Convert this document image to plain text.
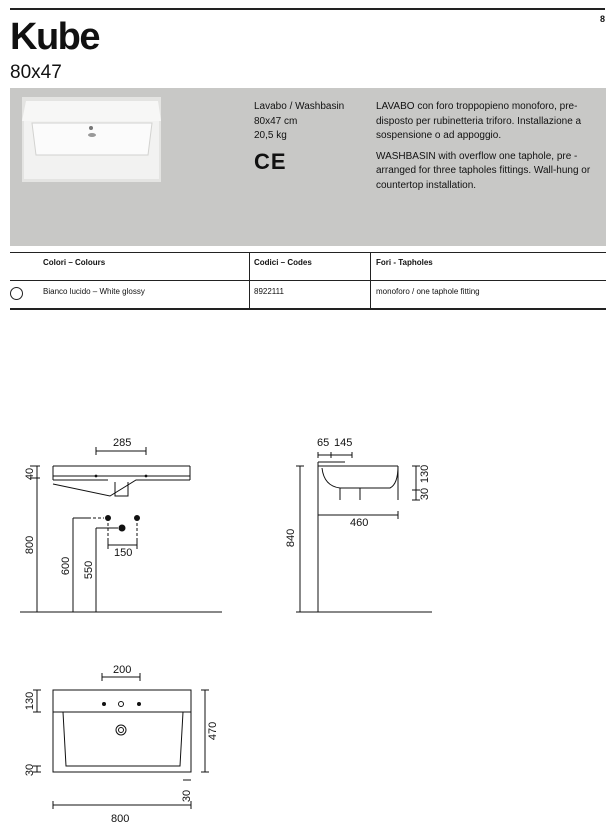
8
Kube
80x47
Lavabo / Washbasin
80x47 cm
20,5 kg
CE

LAVABO con foro troppopieno monoforo, pre-disposto per rubinetteria triforo. Installazione a sospensione o ad appoggio.

WASHBASIN with overflow one taphole, pre - arranged for three tapholes fittings. Wall-hung or countertop installation.

Colori – Colours	Codici – Codes	Fori - Tapholes
Bianco lucido – White glossy	8922111	monoforo / one taphole fitting
285
40
800
600 550
150
65 145
30
130
840
460
200
130
470
30
30
800
